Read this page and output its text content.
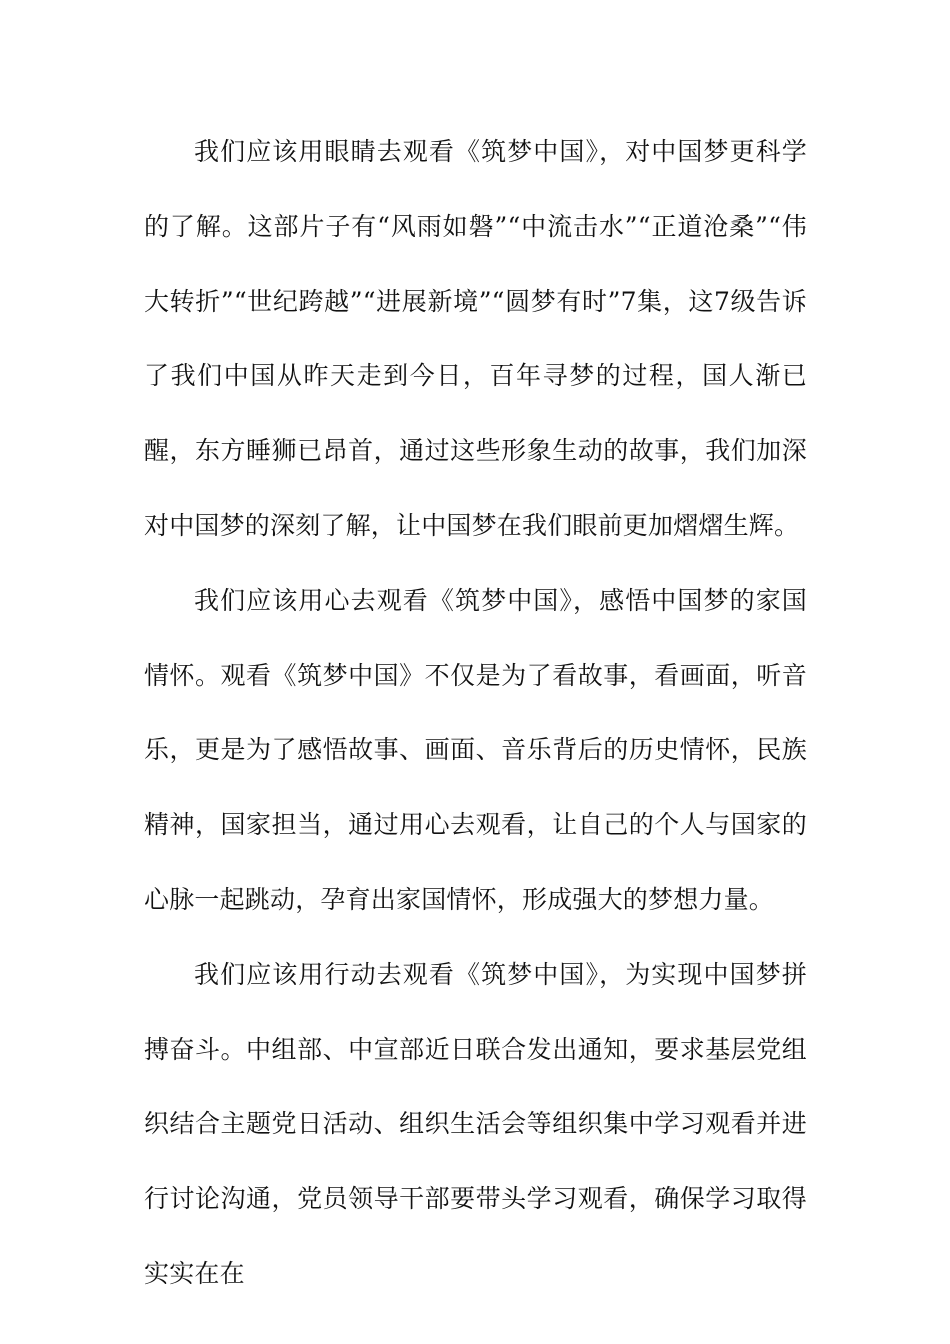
我们应该用眼睛去观看《筑梦中国》，对中国梦更科学的了解。这部片子有“风雨如磐”“中流击水”“正道沧桑”“伟大转折”“世纪跨越”“进展新境”“圆梦有时”7集，这7级告诉了我们中国从昨天走到今日，百年寻梦的过程，国人渐已醒，东方睡狮已昂首，通过这些形象生动的故事，我们加深对中国梦的深刻了解，让中国梦在我们眼前更加熠熠生辉。

我们应该用心去观看《筑梦中国》，感悟中国梦的家国情怀。观看《筑梦中国》不仅是为了看故事，看画面，听音乐，更是为了感悟故事、画面、音乐背后的历史情怀，民族精神，国家担当，通过用心去观看，让自己的个人与国家的心脉一起跳动，孕育出家国情怀，形成强大的梦想力量。

我们应该用行动去观看《筑梦中国》，为实现中国梦拼搏奋斗。中组部、中宣部近日联合发出通知，要求基层党组织结合主题党日活动、组织生活会等组织集中学习观看并进行讨论沟通，党员领导干部要带头学习观看，确保学习取得实实在在
